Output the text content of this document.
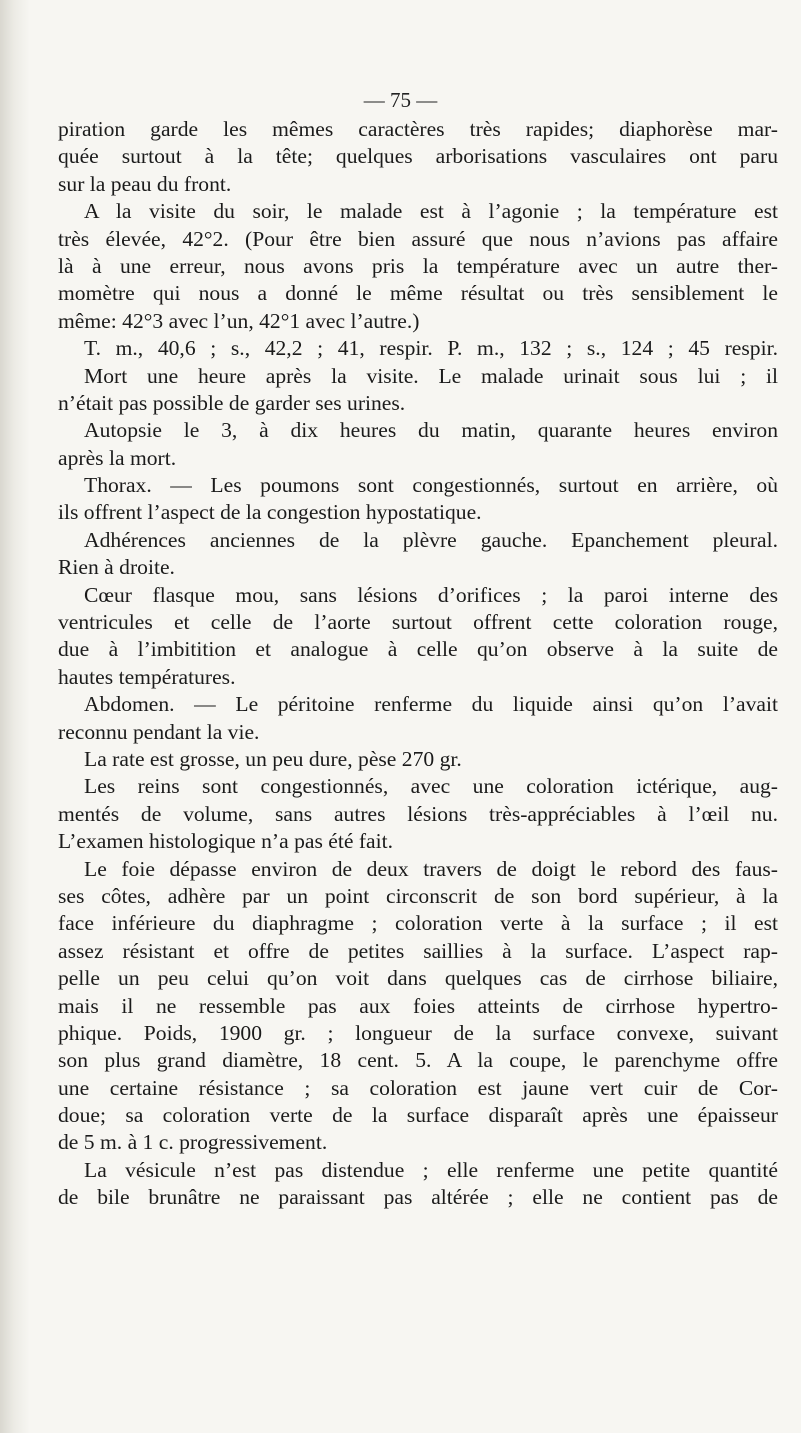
— 75 —
piration garde les mêmes caractères très rapides; diaphorèse mar-
quée surtout à la tête; quelques arborisations vasculaires ont paru
sur la peau du front.
A la visite du soir, le malade est à l’agonie ; la température est
très élevée, 42°2. (Pour être bien assuré que nous n’avions pas affaire
là à une erreur, nous avons pris la température avec un autre ther-
momètre qui nous a donné le même résultat ou très sensiblement le
même: 42°3 avec l’un, 42°1 avec l’autre.)
T. m., 40,6 ; s., 42,2 ; 41, respir. P. m., 132 ; s., 124 ; 45 respir.
Mort une heure après la visite. Le malade urinait sous lui ; il
n’était pas possible de garder ses urines.
Autopsie le 3, à dix heures du matin, quarante heures environ
après la mort.
Thorax. — Les poumons sont congestionnés, surtout en arrière, où
ils offrent l’aspect de la congestion hypostatique.
Adhérences anciennes de la plèvre gauche. Epanchement pleural.
Rien à droite.
Cœur flasque mou, sans lésions d’orifices ; la paroi interne des
ventricules et celle de l’aorte surtout offrent cette coloration rouge,
due à l’imbitition et analogue à celle qu’on observe à la suite de
hautes températures.
Abdomen. — Le péritoine renferme du liquide ainsi qu’on l’avait
reconnu pendant la vie.
La rate est grosse, un peu dure, pèse 270 gr.
Les reins sont congestionnés, avec une coloration ictérique, aug-
mentés de volume, sans autres lésions très-appréciables à l’œil nu.
L’examen histologique n’a pas été fait.
Le foie dépasse environ de deux travers de doigt le rebord des faus-
ses côtes, adhère par un point circonscrit de son bord supérieur, à la
face inférieure du diaphragme ; coloration verte à la surface ; il est
assez résistant et offre de petites saillies à la surface. L’aspect rap-
pelle un peu celui qu’on voit dans quelques cas de cirrhose biliaire,
mais il ne ressemble pas aux foies atteints de cirrhose hypertro-
phique. Poids, 1900 gr. ; longueur de la surface convexe, suivant
son plus grand diamètre, 18 cent. 5. A la coupe, le parenchyme offre
une certaine résistance ; sa coloration est jaune vert cuir de Cor-
doue; sa coloration verte de la surface disparaît après une épaisseur
de 5 m. à 1 c. progressivement.
La vésicule n’est pas distendue ; elle renferme une petite quantité
de bile brunâtre ne paraissant pas altérée ; elle ne contient pas de
